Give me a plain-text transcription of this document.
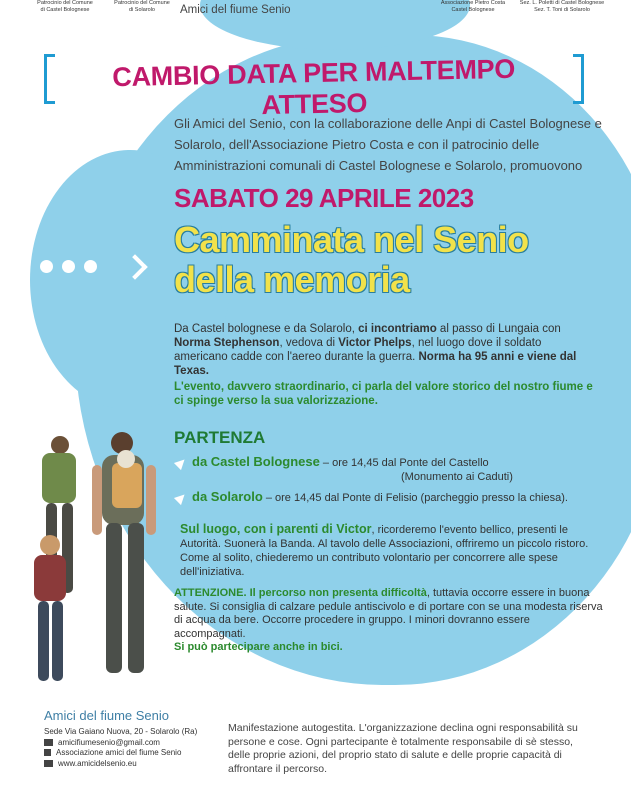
Patrocinio del Comune
di Castel Bolognese
Patrocinio del Comune
di Solarolo	Amici del fiume Senio
Associazione Pietro Costa
Castel Bolognese
Sez. L. Poletti di Castel Bolognese
Sez. T. Toni di Solarolo
CAMBIO DATA PER MALTEMPO ATTESO
Gli Amici del Senio, con la collaborazione delle Anpi di Castel Bolognese e Solarolo, dell'Associazione Pietro Costa e con il patrocinio delle Amministrazioni comunali di Castel Bolognese e Solarolo, promuovono
SABATO 29 APRILE 2023
Camminata nel Senio
della memoria
Da Castel bolognese e da Solarolo, ci incontriamo al passo di Lungaia con Norma Stephenson, vedova di Victor Phelps, nel luogo dove il soldato americano cadde con l'aereo durante la guerra. Norma ha 95 anni e viene dal Texas.
L'evento, davvero straordinario, ci parla del valore storico del nostro fiume e ci spinge verso la sua valorizzazione.
PARTENZA
da Castel Bolognese – ore 14,45 dal Ponte del Castello
(Monumento ai Caduti)
da Solarolo – ore 14,45 dal Ponte di Felisio (parcheggio presso la chiesa).
Sul luogo, con i parenti di Victor, ricorderemo l'evento bellico, presenti le Autorità. Suonerà la Banda. Al tavolo delle Associazioni, offriremo un piccolo ristoro. Come al solito, chiederemo un contributo volontario per concorrere alle spese dell'iniziativa.
ATTENZIONE. Il percorso non presenta difficoltà, tuttavia occorre essere in buona salute. Si consiglia di calzare pedule antiscivolo e di portare con se una modesta riserva di acqua da bere. Occorre procedere in gruppo. I minori dovranno essere accompagnati.
Si può partecipare anche in bici.
Amici del fiume Senio
Sede Via Gaiano Nuova, 20 - Solarolo (Ra)
amicifiumesenio@gmail.com
Associazione amici del fiume Senio
www.amicidelsenio.eu
Manifestazione autogestita. L'organizzazione declina ogni responsabilità su persone e cose. Ogni partecipante è totalmente responsabile di sè stesso, delle proprie azioni, del proprio stato di salute e delle proprie capacità di affrontare il percorso.
